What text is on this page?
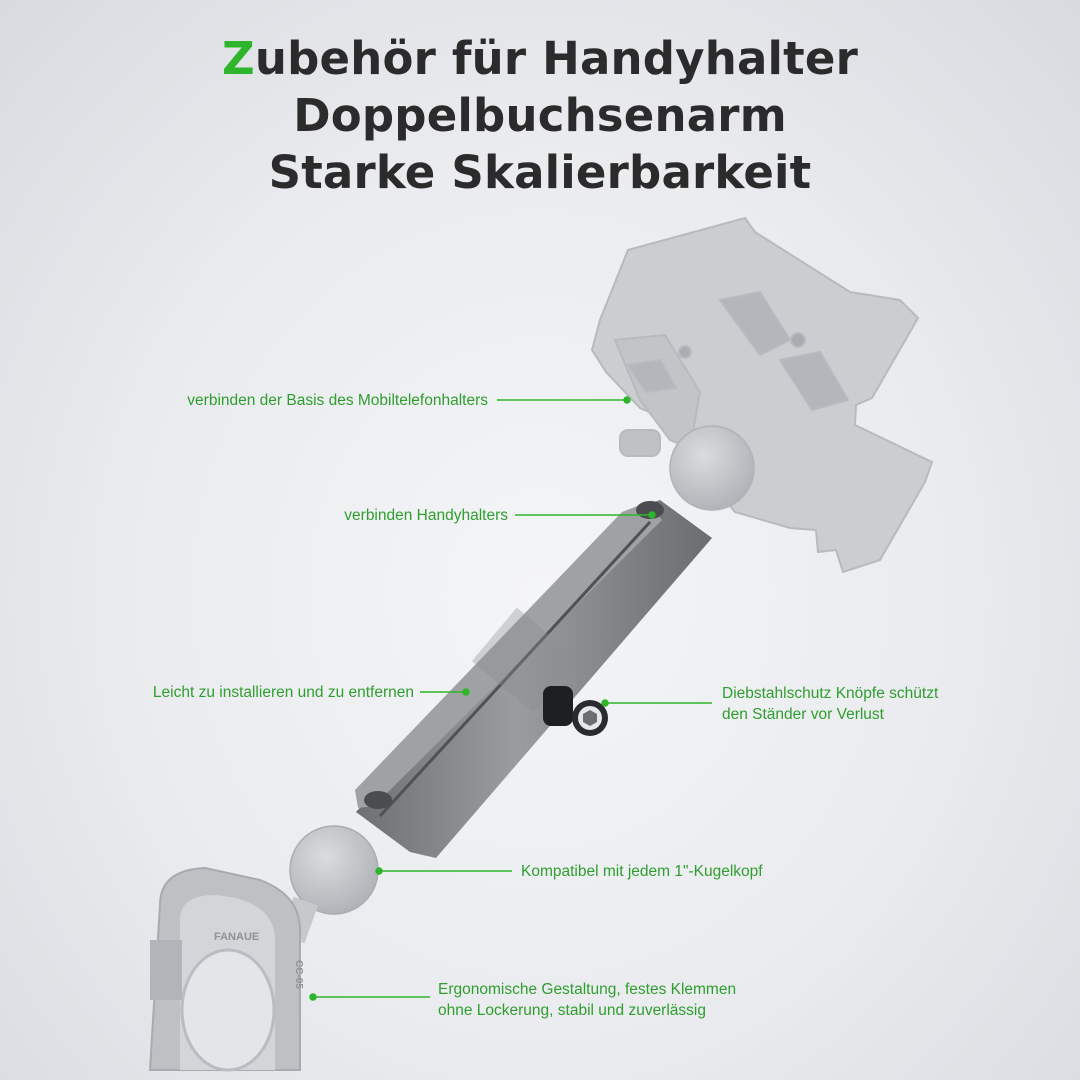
Zubehör für Handyhalter
Doppelbuchsenarm
Starke Skalierbarkeit
FANAUE
CC-05
verbinden der Basis des Mobiltelefonhalters
verbinden Handyhalters
Leicht zu installieren und zu entfernen	Diebstahlschutz Knöpfe schützt
den Ständer vor Verlust
Kompatibel mit jedem 1"-Kugelkopf
Ergonomische Gestaltung, festes Klemmen
ohne Lockerung, stabil und zuverlässig
